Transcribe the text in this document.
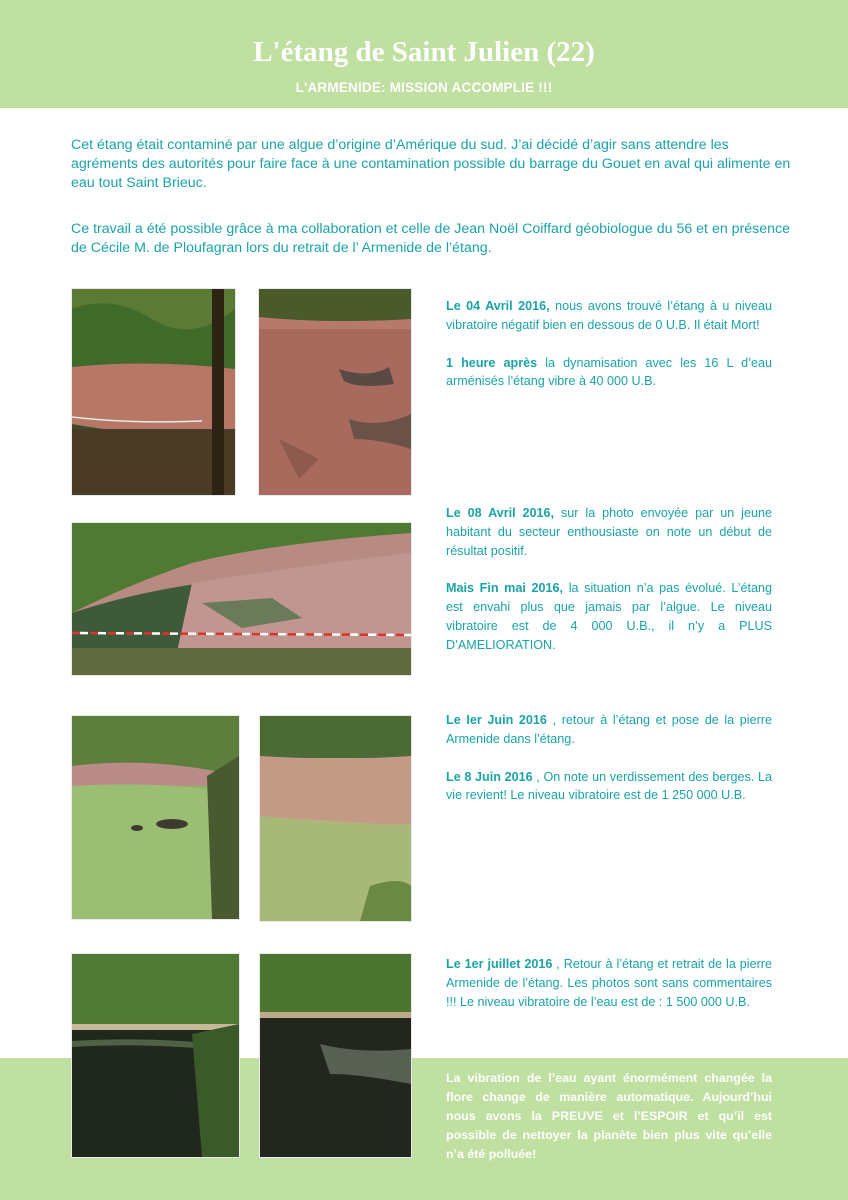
L'étang de Saint Julien (22)
L'ARMENIDE: MISSION ACCOMPLIE !!!
Cet étang était contaminé par une algue d’origine d’Amérique du sud. J’ai décidé d’agir sans attendre les agréments des autorités pour faire face à une contamination possible du barrage du Gouet en aval qui alimente en eau tout Saint Brieuc.
Ce travail a été possible grâce à ma collaboration et celle de Jean Noël Coiffard géobiologue du 56 et en présence de Cécile M. de Ploufagran lors du retrait de l’ Armenide de l’étang.
Le 04 Avril 2016, nous avons trouvé l’étang à u niveau vibratoire négatif bien en dessous de 0 U.B. Il était Mort!
1 heure après la dynamisation avec les 16 L d’eau arménisés l’étang vibre à 40 000 U.B.
Le 08 Avril 2016, sur la photo envoyée par un jeune habitant du secteur enthousiaste on note un début de résultat positif.
Mais Fin mai 2016, la situation n’a pas évolué. L’étang est envahi plus que jamais par l’algue. Le niveau vibratoire est de 4 000 U.B., il n’y a PLUS D’AMELIORATION.
Le Ier Juin 2016 , retour à l’étang et pose de la pierre Armenide dans l’étang.
Le 8 Juin 2016 , On note un verdissement des berges. La vie revient! Le niveau vibratoire est de 1 250 000 U.B.
Le 1er juillet 2016 , Retour à l’étang et retrait de la pierre Armenide de l’étang. Les photos sont sans commentaires !!! Le niveau vibratoire de l’eau est de : 1 500 000 U.B.
La vibration de l’eau ayant énormément changée la flore change de manière automatique. Aujourd’hui nous avons la PREUVE et l’ESPOIR et qu’il est possible de nettoyer la planète bien plus vite qu’elle n’a été polluée!
